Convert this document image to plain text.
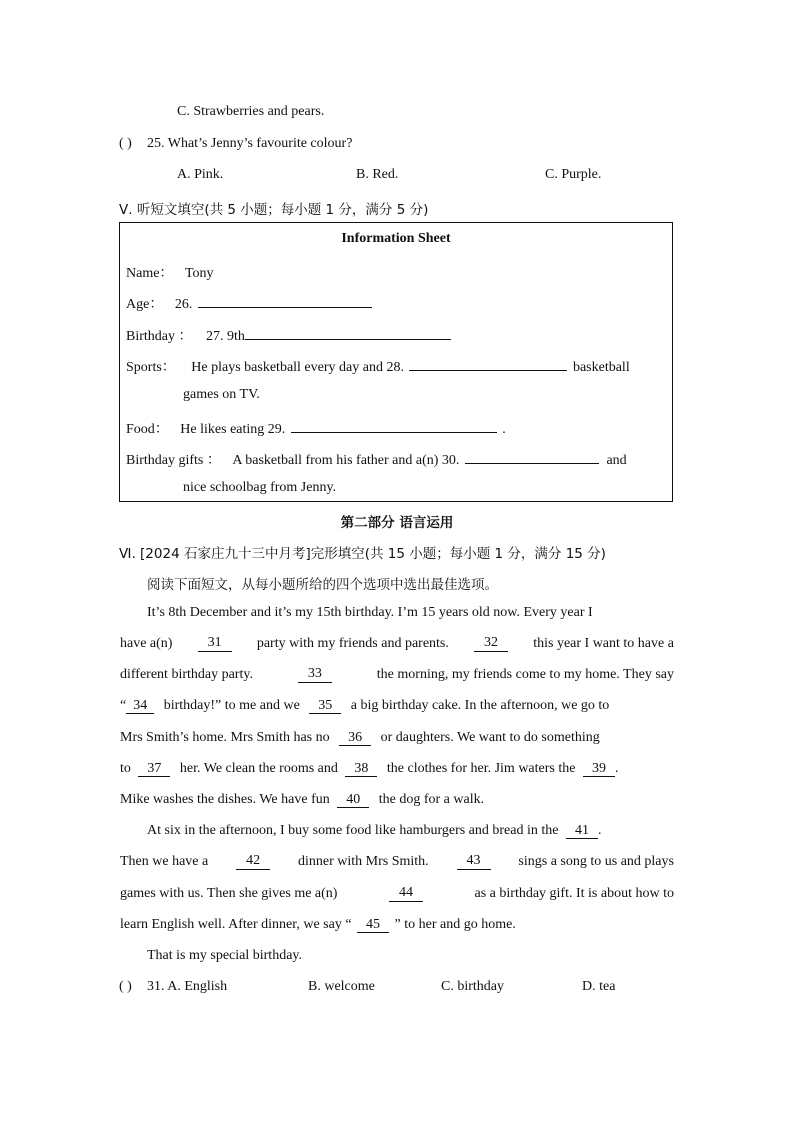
C. Strawberries and pears.
( ) 25. What’s Jenny’s favourite colour?
A. Pink.	B. Red.	C. Purple.
Ⅴ. 听短文填空(共 5 小题；每小题 1 分，满分 5 分)
Information Sheet
Name： Tony
Age： 26.
Birthday ： 27. 9th
Sports： He plays basketball every day and 28.	basketball
games on TV.
Food： He likes eating 29.	.
Birthday gifts ： A basketball from his father and a(n) 30.	and
nice schoolbag from Jenny.
第二部分 语言运用
Ⅵ. [2024 石家庄九十三中月考]完形填空(共 15 小题；每小题 1 分，满分 15 分)
阅读下面短文，从每小题所给的四个选项中选出最佳选项。
It’s 8th December and it’s my 15th birthday. I’m 15 years old now. Every year I
have a(n)	31	party with my friends and parents.	32	this year I want to have a
different birthday party.	33	the morning, my friends come to my home. They say
“ 34 birthday!” to me and we 35 a big birthday cake. In the afternoon, we go to
Mrs Smith’s home. Mrs Smith has no 36 or daughters. We want to do something
to 37 her. We clean the rooms and 38 the clothes for her. Jim waters the 39 .
Mike washes the dishes. We have fun 40 the dog for a walk.
At six in the afternoon, I buy some food like hamburgers and bread in the 41 .
Then we have a	42	dinner with Mrs Smith.	43	sings a song to us and plays
games with us. Then she gives me a(n)	44	as a birthday gift. It is about how to
learn English well. After dinner, we say “ 45 ” to her and go home.
That is my special birthday.
( ) 31. A. English	B. welcome	C. birthday	D. tea
